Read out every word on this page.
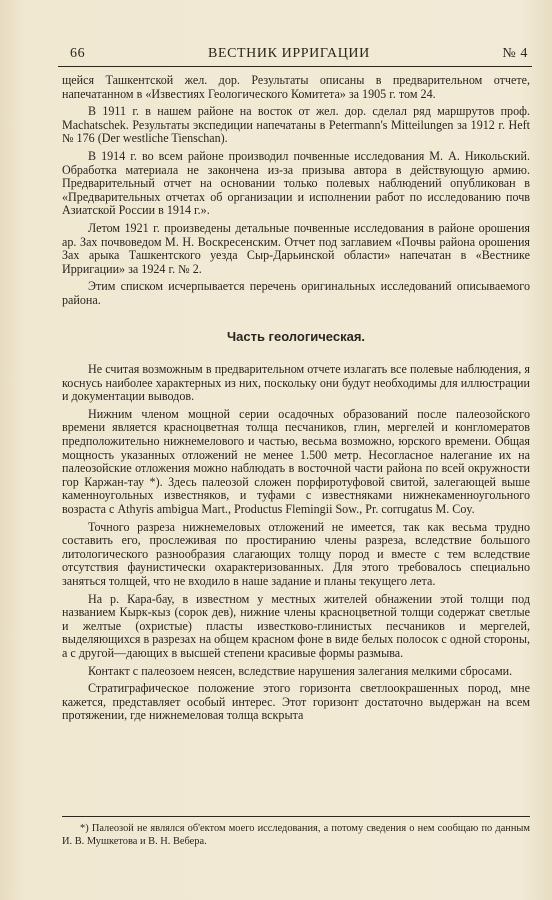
66	ВЕСТНИК ИРРИГАЦИИ	№ 4

щейся Ташкентской жел. дор. Результаты описаны в предварительном отчете, напечатанном в «Известиях Геологического Комитета» за 1905 г. том 24.

В 1911 г. в нашем районе на восток от жел. дор. сделал ряд маршрутов проф. Machatschek. Результаты экспедиции напечатаны в Petermann's Mitteilungen за 1912 г. Heft № 176 (Der westliche Tienschan).

В 1914 г. во всем районе производил почвенные исследования М. А. Никольский. Обработка материала не закончена из-за призыва автора в действующую армию. Предварительный отчет на основании только полевых наблюдений опубликован в «Предварительных отчетах об организации и исполнении работ по исследованию почв Азиатской России в 1914 г.».

Летом 1921 г. произведены детальные почвенные исследования в районе орошения ар. Зах почвоведом М. Н. Воскресенским. Отчет под заглавием «Почвы района орошения Зах арыка Ташкентского уезда Сыр-Дарьинской области» напечатан в «Вестнике Ирригации» за 1924 г. № 2.

Этим списком исчерпывается перечень оригинальных исследований описываемого района.

Часть геологическая.

Не считая возможным в предварительном отчете излагать все полевые наблюдения, я коснусь наиболее характерных из них, поскольку они будут необходимы для иллюстрации и документации выводов.

Нижним членом мощной серии осадочных образований после палеозойского времени является красноцветная толща песчаников, глин, мергелей и конгломератов предположительно нижнемелового и частью, весьма возможно, юрского времени. Общая мощность указанных отложений не менее 1.500 метр. Несогласное налегание их на палеозойские отложения можно наблюдать в восточной части района по всей окружности гор Каржан-тау *). Здесь палеозой сложен порфиротуфовой свитой, залегающей выше каменноугольных известняков, и туфами с известняками нижнекаменноугольного возраста с Athyris ambigua Mart., Productus Flemingii Sow., Pr. corrugatus M. Coy.

Точного разреза нижнемеловых отложений не имеется, так как весьма трудно составить его, прослеживая по простиранию члены разреза, вследствие большого литологического разнообразия слагающих толщу пород и вместе с тем вследствие отсутствия фаунистически охарактеризованных. Для этого требовалось специально заняться толщей, что не входило в наше задание и планы текущего лета.

На р. Кара-бау, в известном у местных жителей обнажении этой толщи под названием Кырк-кыз (сорок дев), нижние члены красноцветной толщи содержат светлые и желтые (охристые) пласты известково-глинистых песчаников и мергелей, выделяющихся в разрезах на общем красном фоне в виде белых полосок с одной стороны, а с другой—дающих в высшей степени красивые формы размыва.

Контакт с палеозоем неясен, вследствие нарушения залегания мелкими сбросами.

Стратиграфическое положение этого горизонта светлоокрашенных пород, мне кажется, представляет особый интерес. Этот горизонт достаточно выдержан на всем протяжении, где нижнемеловая толща вскрыта

*) Палеозой не являлся об'ектом моего исследования, а потому сведения о нем сообщаю по данным И. В. Мушкетова и В. Н. Вебера.
